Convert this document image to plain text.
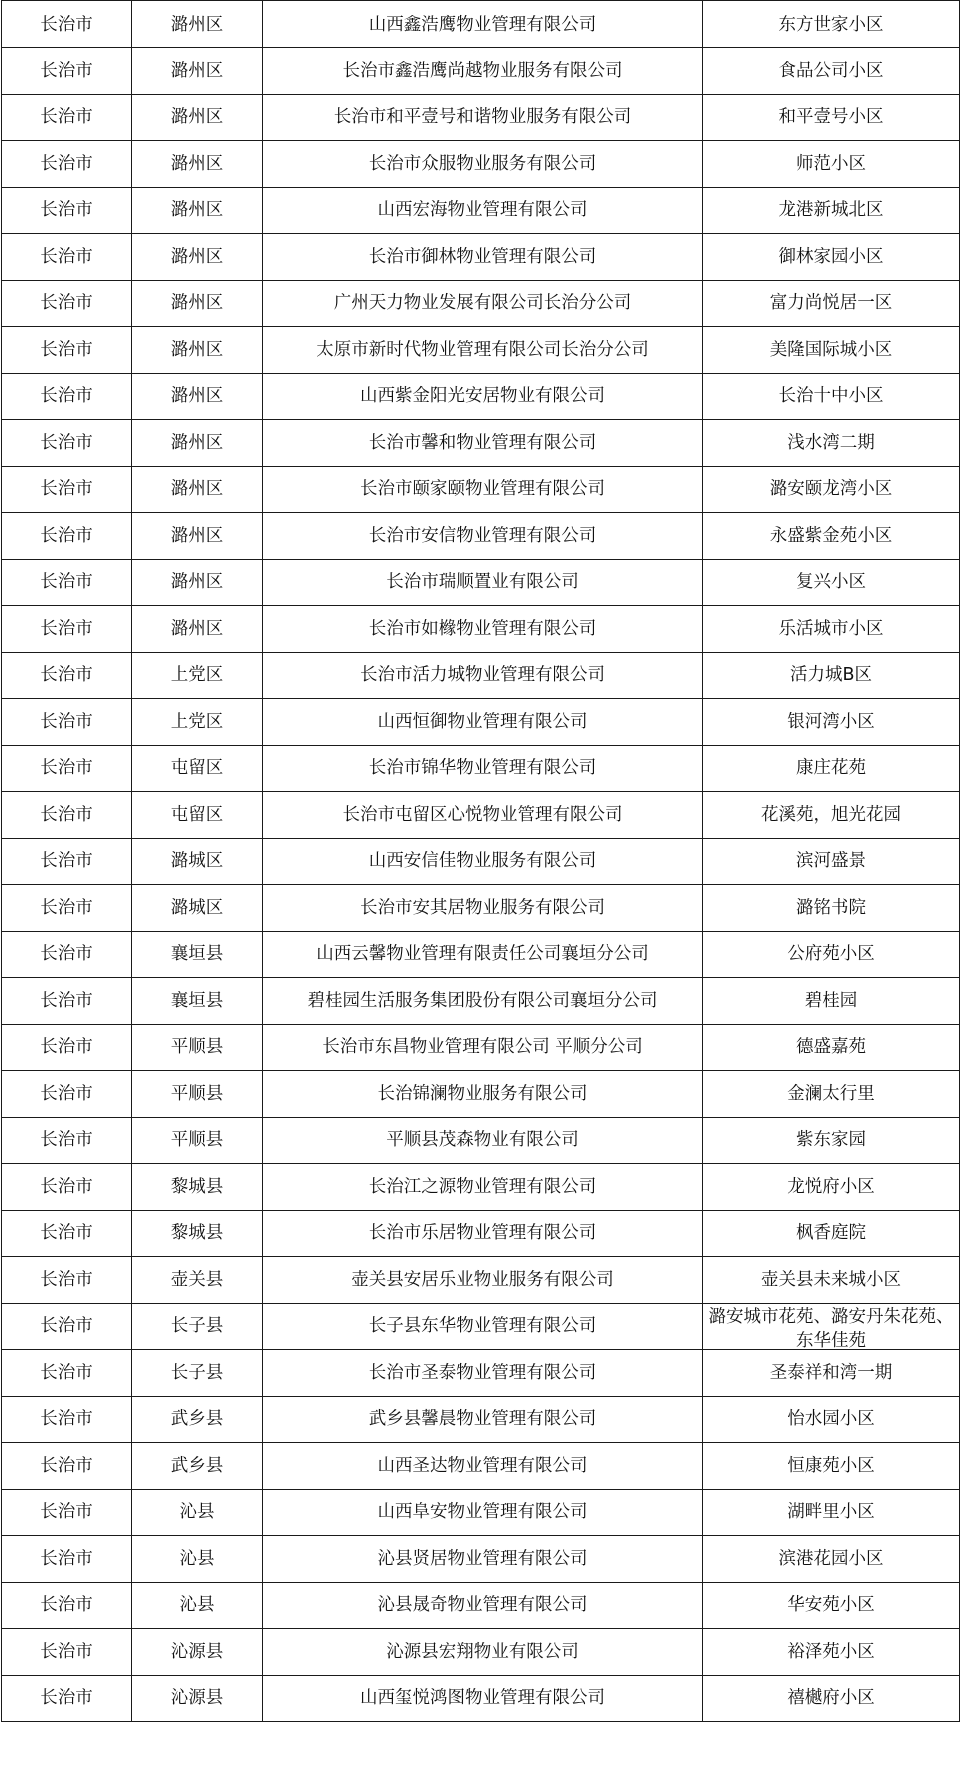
长治市	潞州区	山西鑫浩鹰物业管理有限公司	东方世家小区
长治市	潞州区	长治市鑫浩鹰尚越物业服务有限公司	食品公司小区
长治市	潞州区	长治市和平壹号和谐物业服务有限公司	和平壹号小区
长治市	潞州区	长治市众服物业服务有限公司	师范小区
长治市	潞州区	山西宏海物业管理有限公司	龙港新城北区
长治市	潞州区	长治市御林物业管理有限公司	御林家园小区
长治市	潞州区	广州天力物业发展有限公司长治分公司	富力尚悦居一区
长治市	潞州区	太原市新时代物业管理有限公司长治分公司	美隆国际城小区
长治市	潞州区	山西紫金阳光安居物业有限公司	长治十中小区
长治市	潞州区	长治市馨和物业管理有限公司	浅水湾二期
长治市	潞州区	长治市颐家颐物业管理有限公司	潞安颐龙湾小区
长治市	潞州区	长治市安信物业管理有限公司	永盛紫金苑小区
长治市	潞州区	长治市瑞顺置业有限公司	复兴小区
长治市	潞州区	长治市如橼物业管理有限公司	乐活城市小区
长治市	上党区	长治市活力城物业管理有限公司	活力城B区
长治市	上党区	山西恒御物业管理有限公司	银河湾小区
长治市	屯留区	长治市锦华物业管理有限公司	康庄花苑
长治市	屯留区	长治市屯留区心悦物业管理有限公司	花溪苑，旭光花园
长治市	潞城区	山西安信佳物业服务有限公司	滨河盛景
长治市	潞城区	长治市安其居物业服务有限公司	潞铭书院
长治市	襄垣县	山西云馨物业管理有限责任公司襄垣分公司	公府苑小区
长治市	襄垣县	碧桂园生活服务集团股份有限公司襄垣分公司	碧桂园
长治市	平顺县	长治市东昌物业管理有限公司 平顺分公司	德盛嘉苑
长治市	平顺县	长治锦澜物业服务有限公司	金澜太行里
长治市	平顺县	平顺县茂森物业有限公司	紫东家园
长治市	黎城县	长治江之源物业管理有限公司	龙悦府小区
长治市	黎城县	长治市乐居物业管理有限公司	枫香庭院
长治市	壶关县	壶关县安居乐业物业服务有限公司	壶关县未来城小区
长治市	长子县	长子县东华物业管理有限公司	潞安城市花苑、潞安丹朱花苑、东华佳苑

长治市	长子县	长治市圣泰物业管理有限公司	圣泰祥和湾一期
长治市	武乡县	武乡县馨晨物业管理有限公司	怡水园小区
长治市	武乡县	山西圣达物业管理有限公司	恒康苑小区
长治市	沁县	山西阜安物业管理有限公司	湖畔里小区
长治市	沁县	沁县贤居物业管理有限公司	滨港花园小区
长治市	沁县	沁县晟奇物业管理有限公司	华安苑小区
长治市	沁源县	沁源县宏翔物业有限公司	裕泽苑小区
长治市	沁源县	山西玺悦鸿图物业管理有限公司	禧樾府小区
